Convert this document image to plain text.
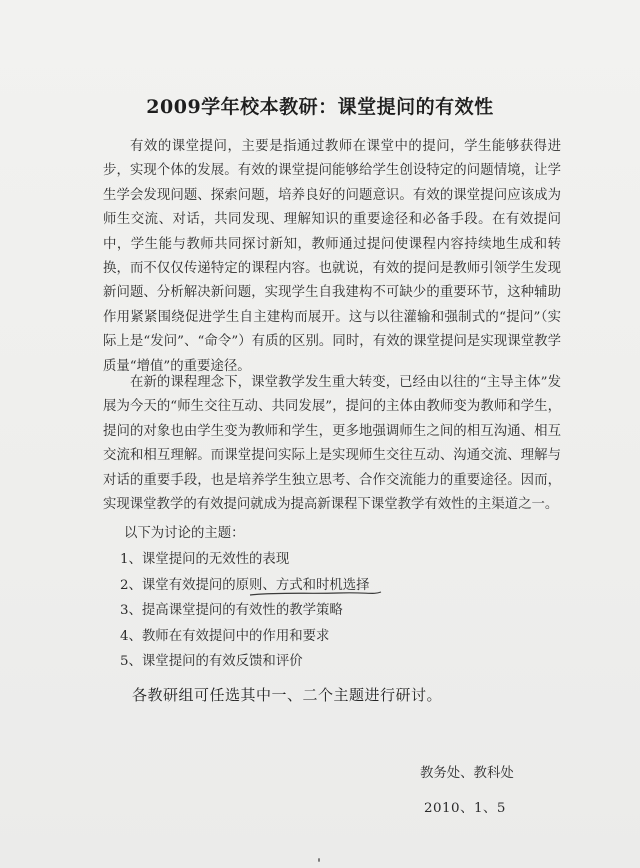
2009学年校本教研：课堂提问的有效性

有效的课堂提问，主要是指通过教师在课堂中的提问，学生能够获得进步，实现个体的发展。有效的课堂提问能够给学生创设特定的问题情境，让学生学会发现问题、探索问题，培养良好的问题意识。有效的课堂提问应该成为师生交流、对话，共同发现、理解知识的重要途径和必备手段。在有效提问中，学生能与教师共同探讨新知，教师通过提问使课程内容持续地生成和转换，而不仅仅传递特定的课程内容。也就说，有效的提问是教师引领学生发现新问题、分析解决新问题，实现学生自我建构不可缺少的重要环节，这种辅助作用紧紧围绕促进学生自主建构而展开。这与以往灌输和强制式的“提问”（实际上是“发问”、“命令”）有质的区别。同时，有效的课堂提问是实现课堂教学质量“增值”的重要途径。

在新的课程理念下，课堂教学发生重大转变，已经由以往的“主导主体”发展为今天的“师生交往互动、共同发展”，提问的主体由教师变为教师和学生，提问的对象也由学生变为教师和学生，更多地强调师生之间的相互沟通、相互交流和相互理解。而课堂提问实际上是实现师生交往互动、沟通交流、理解与对话的重要手段，也是培养学生独立思考、合作交流能力的重要途径。因而，实现课堂教学的有效提问就成为提高新课程下课堂教学有效性的主渠道之一。

以下为讨论的主题：
1、课堂提问的无效性的表现
2、课堂有效提问的原则、方式和时机选择
3、提高课堂提问的有效性的教学策略
4、教师在有效提问中的作用和要求
5、课堂提问的有效反馈和评价
各教研组可任选其中一、二个主题进行研讨。
教务处、教科处
2010、1、5
